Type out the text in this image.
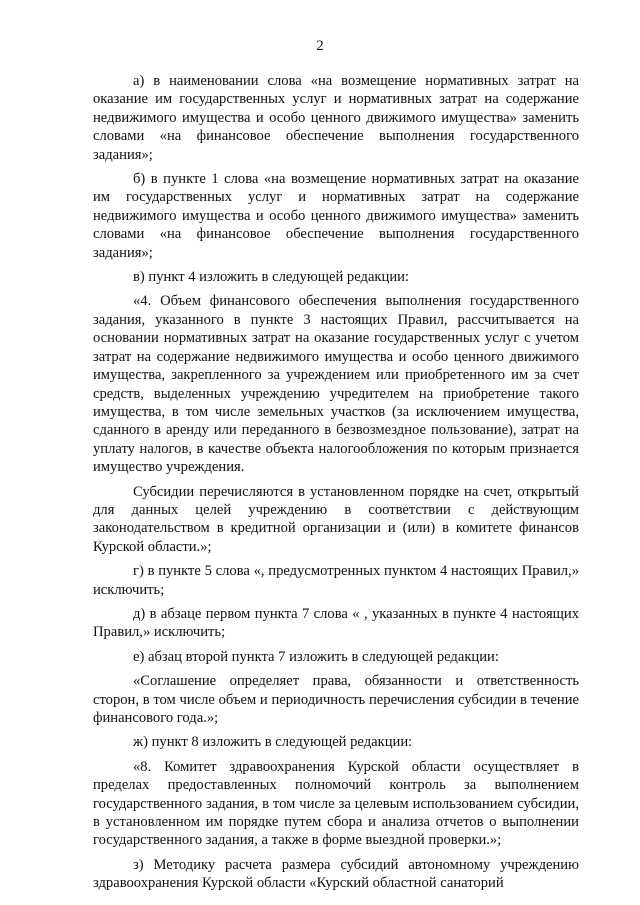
2

а) в наименовании слова «на возмещение нормативных затрат на оказание им государственных услуг и нормативных затрат на содержание недвижимого имущества и особо ценного движимого имущества» заменить словами «на финансовое обеспечение выполнения государственного задания»;

б) в пункте 1 слова «на возмещение нормативных затрат на оказание им государственных услуг и нормативных затрат на содержание недвижимого имущества и особо ценного движимого имущества» заменить словами «на финансовое обеспечение выполнения государственного задания»;

в) пункт 4 изложить в следующей редакции:

«4. Объем финансового обеспечения выполнения государственного задания, указанного в пункте 3 настоящих Правил, рассчитывается на основании нормативных затрат на оказание государственных услуг с учетом затрат на содержание недвижимого имущества и особо ценного движимого имущества, закрепленного за учреждением или приобретенного им за счет средств, выделенных учреждению учредителем на приобретение такого имущества, в том числе земельных участков (за исключением имущества, сданного в аренду или переданного в безвозмездное пользование), затрат на уплату налогов, в качестве объекта налогообложения по которым признается имущество учреждения.

Субсидии перечисляются в установленном порядке на счет, открытый для данных целей учреждению в соответствии с действующим законодательством в кредитной организации и (или) в комитете финансов Курской области.»;

г) в пункте 5 слова «, предусмотренных пунктом 4 настоящих Правил,» исключить;

д) в абзаце первом пункта 7 слова « , указанных в пункте 4 настоящих Правил,» исключить;

е) абзац второй пункта 7 изложить в следующей редакции:

«Соглашение определяет права, обязанности и ответственность сторон, в том числе объем и периодичность перечисления субсидии в течение финансового года.»;

ж) пункт 8 изложить в следующей редакции:

«8. Комитет здравоохранения Курской области осуществляет в пределах предоставленных полномочий контроль за выполнением государственного задания, в том числе за целевым использованием субсидии, в установленном им порядке путем сбора и анализа отчетов о выполнении государственного задания, а также в форме выездной проверки.»;

з) Методику расчета размера субсидий автономному учреждению здравоохранения Курской области «Курский областной санаторий
